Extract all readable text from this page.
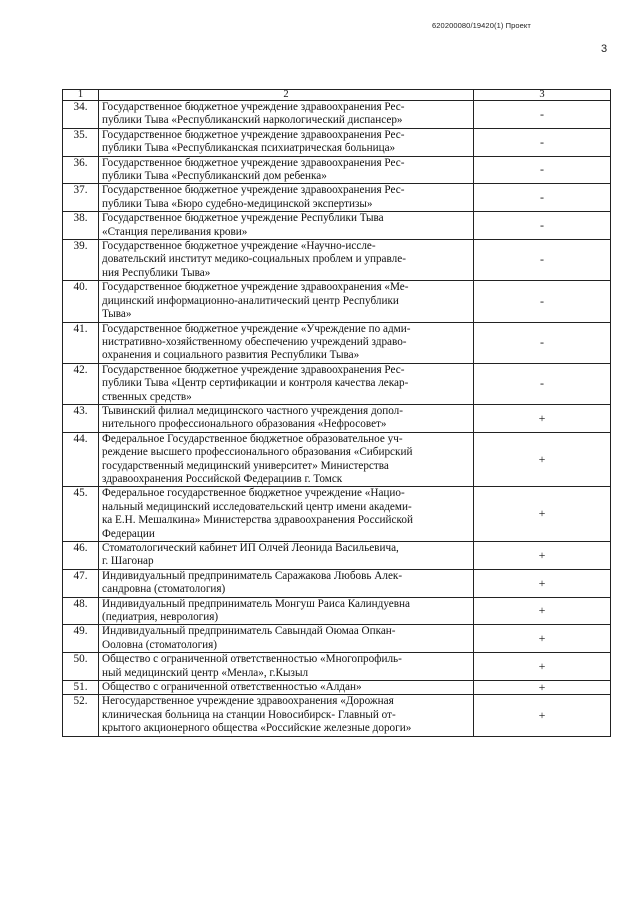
620200080/19420(1) Проект
3
1	2	3
34.	Государственное бюджетное учреждение здравоохранения Рес-
публики Тыва «Республиканский наркологический диспансер»	-
35.	Государственное бюджетное учреждение здравоохранения Рес-
публики Тыва «Республиканская психиатрическая больница»	-
36.	Государственное бюджетное учреждение здравоохранения Рес-
публики Тыва «Республиканский дом ребенка»	-
37.	Государственное бюджетное учреждение здравоохранения Рес-
публики Тыва «Бюро судебно-медицинской экспертизы»	-
38.	Государственное бюджетное учреждение Республики Тыва
«Станция переливания крови»	-
39.	Государственное бюджетное учреждение «Научно-иссле-
довательский институт медико-социальных проблем и управле-
ния Республики Тыва»	-
40.	Государственное бюджетное учреждение здравоохранения «Ме-
дицинский информационно-аналитический центр Республики
Тыва»	-
41.	Государственное бюджетное учреждение «Учреждение по адми-
нистративно-хозяйственному обеспечению учреждений здраво-
охранения и социального развития Республики Тыва»	-
42.	Государственное бюджетное учреждение здравоохранения Рес-
публики Тыва «Центр сертификации и контроля качества лекар-
ственных средств»	-
43.	Тывинский филиал медицинского частного учреждения допол-
нительного профессионального образования «Нефросовет»	+
44.	Федеральное Государственное бюджетное образовательное уч-
реждение высшего профессионального образования «Сибирский
государственный медицинский университет» Министерства
здравоохранения Российской Федерациив г. Томск	+
45.	Федеральное государственное бюджетное учреждение «Нацио-
нальный медицинский исследовательский центр имени академи-
ка Е.Н. Мешалкина» Министерства здравоохранения Российской
Федерации	+
46.	Стоматологический кабинет ИП Олчей Леонида Васильевича,
г. Шагонар	+
47.	Индивидуальный предприниматель Саражакова Любовь Алек-
сандровна (стоматология)	+
48.	Индивидуальный предприниматель Монгуш Раиса Калиндуевна
(педиатрия, неврология)	+
49.	Индивидуальный предприниматель Савындай Оюмаа Опкан-
Ооловна (стоматология)	+
50.	Общество с ограниченной ответственностью «Многопрофиль-
ный медицинский центр «Менла», г.Кызыл	+
51.	Общество с ограниченной ответственностью «Алдан»	+
52.	Негосударственное учреждение здравоохранения «Дорожная
клиническая больница на станции Новосибирск- Главный от-
крытого акционерного общества «Российские железные дороги»	+
